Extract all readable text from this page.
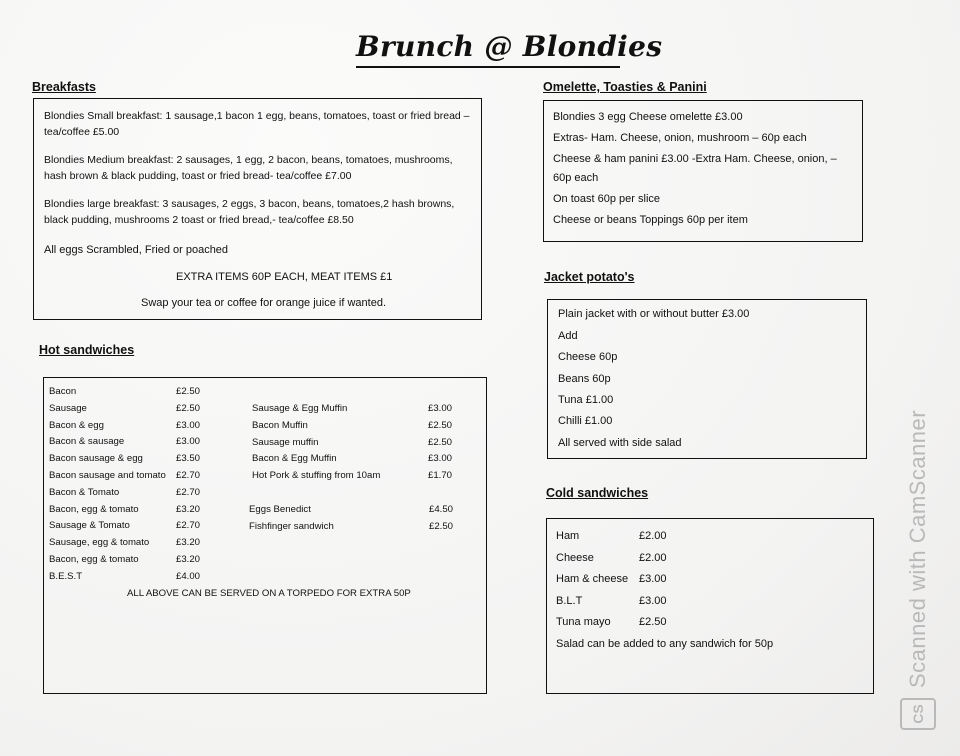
Brunch @ Blondies
Breakfasts
Blondies Small breakfast: 1 sausage,1 bacon 1 egg, beans, tomatoes, toast or fried bread – tea/coffee £5.00
Blondies Medium breakfast: 2 sausages, 1 egg, 2 bacon, beans, tomatoes, mushrooms, hash brown & black pudding, toast or fried bread- tea/coffee £7.00
Blondies large breakfast: 3 sausages, 2 eggs, 3 bacon, beans, tomatoes,2 hash browns, black pudding, mushrooms 2 toast or fried bread,- tea/coffee £8.50
All eggs Scrambled, Fried or poached
EXTRA ITEMS 60P EACH, MEAT ITEMS £1
Swap your tea or coffee for orange juice if wanted.
Hot sandwiches
Bacon	£2.50
Sausage	£2.50
Bacon & egg	£3.00
Bacon & sausage	£3.00
Bacon sausage & egg	£3.50
Bacon sausage and tomato £2.70
Bacon & Tomato	£2.70
Bacon, egg & tomato	£3.20
Sausage & Tomato	£2.70
Sausage, egg & tomato	£3.20
Bacon, egg & tomato	£3.20
B.E.S.T	£4.00
Sausage & Egg Muffin	£3.00
Bacon Muffin	£2.50
Sausage muffin	£2.50
Bacon & Egg Muffin	£3.00
Hot Pork & stuffing from 10am	£1.70
Eggs Benedict	£4.50
Fishfinger sandwich	£2.50
ALL ABOVE CAN BE SERVED ON A TORPEDO FOR EXTRA 50P
Omelette, Toasties & Panini
Blondies 3 egg Cheese omelette £3.00
Extras- Ham. Cheese, onion, mushroom – 60p each
Cheese & ham panini £3.00 -Extra Ham. Cheese, onion, –
60p each
On toast 60p per slice
Cheese or beans Toppings 60p per item
Jacket potato's
Plain jacket with or without butter £3.00
Add
Cheese 60p
Beans 60p
Tuna £1.00
Chilli £1.00
All served with side salad
Cold sandwiches
Ham	£2.00
Cheese	£2.00
Ham & cheese £3.00
B.L.T	£3.00
Tuna mayo	£2.50
Salad can be added to any sandwich for 50p	Scanned with CamScanner
CS
